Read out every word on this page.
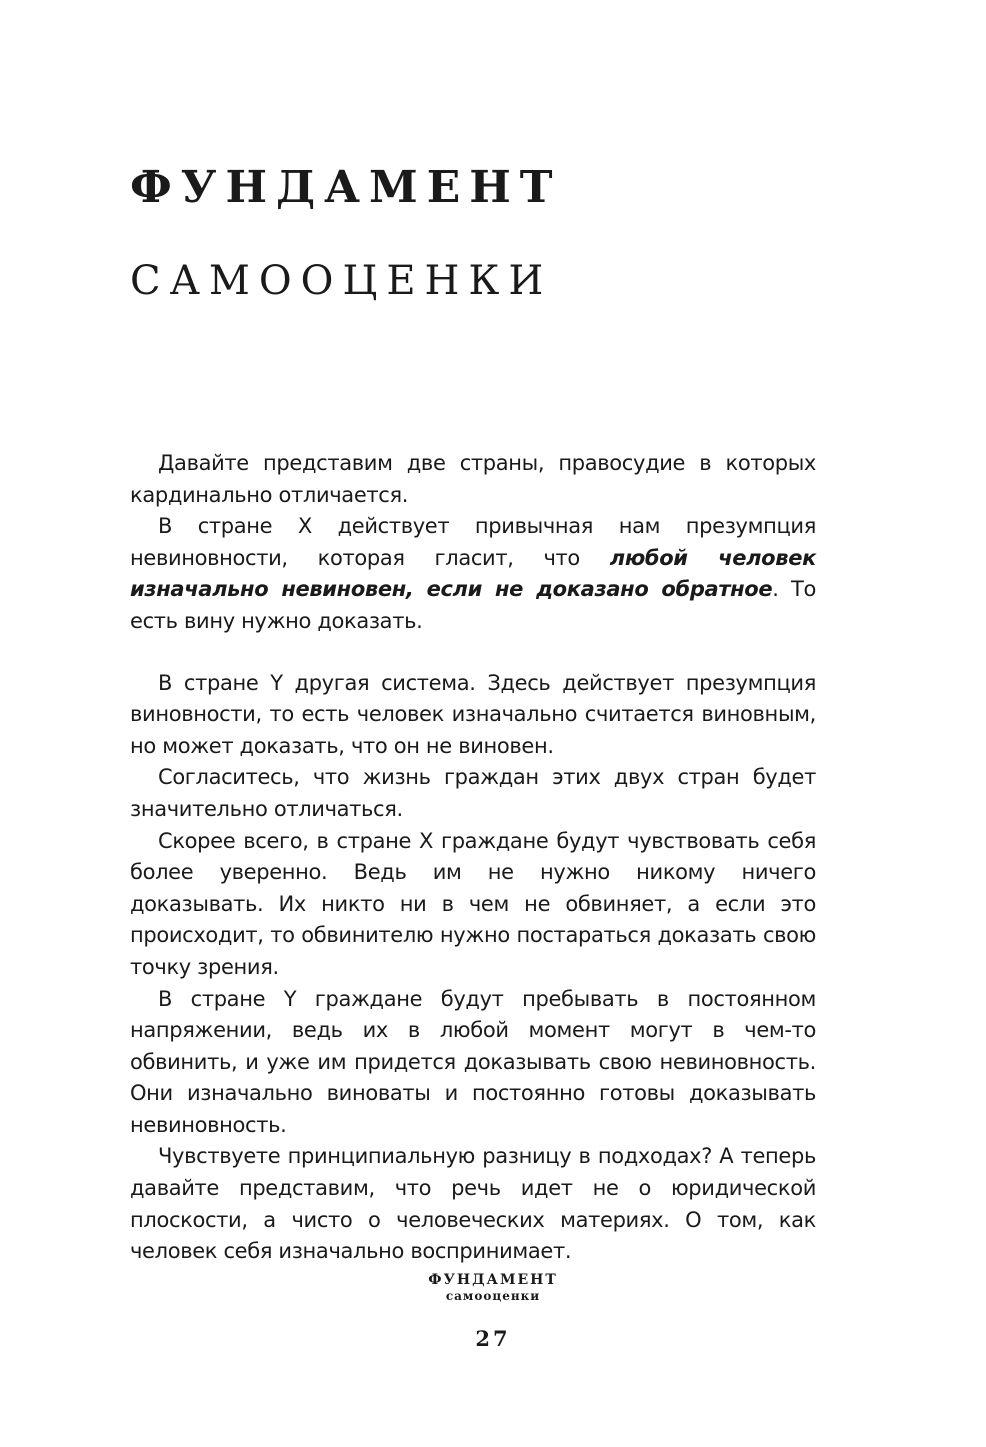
ФУНДАМЕНТ
САМООЦЕНКИ

Давайте представим две страны, правосудие в которых кардинально отличается.

В стране X действует привычная нам презумпция невиновности, которая гласит, что любой человек изначально невиновен, если не доказано обратное. То есть вину нужно доказать.

В стране Y другая система. Здесь действует презумпция виновности, то есть человек изначально считается виновным, но может доказать, что он не виновен.

Согласитесь, что жизнь граждан этих двух стран будет значительно отличаться.

Скорее всего, в стране X граждане будут чувствовать себя более уверенно. Ведь им не нужно никому ничего доказывать. Их никто ни в чем не обвиняет, а если это происходит, то обвинителю нужно постараться доказать свою точку зрения.

В стране Y граждане будут пребывать в постоянном напряжении, ведь их в любой момент могут в чем-то обвинить, и уже им придется доказывать свою невиновность. Они изначально виноваты и постоянно готовы доказывать невиновность.

Чувствуете принципиальную разницу в подходах? А теперь давайте представим, что речь идет не о юридической плоскости, а чисто о человеческих материях. О том, как человек себя изначально воспринимает.

ФУНДАМЕНТ
самооценки
27
